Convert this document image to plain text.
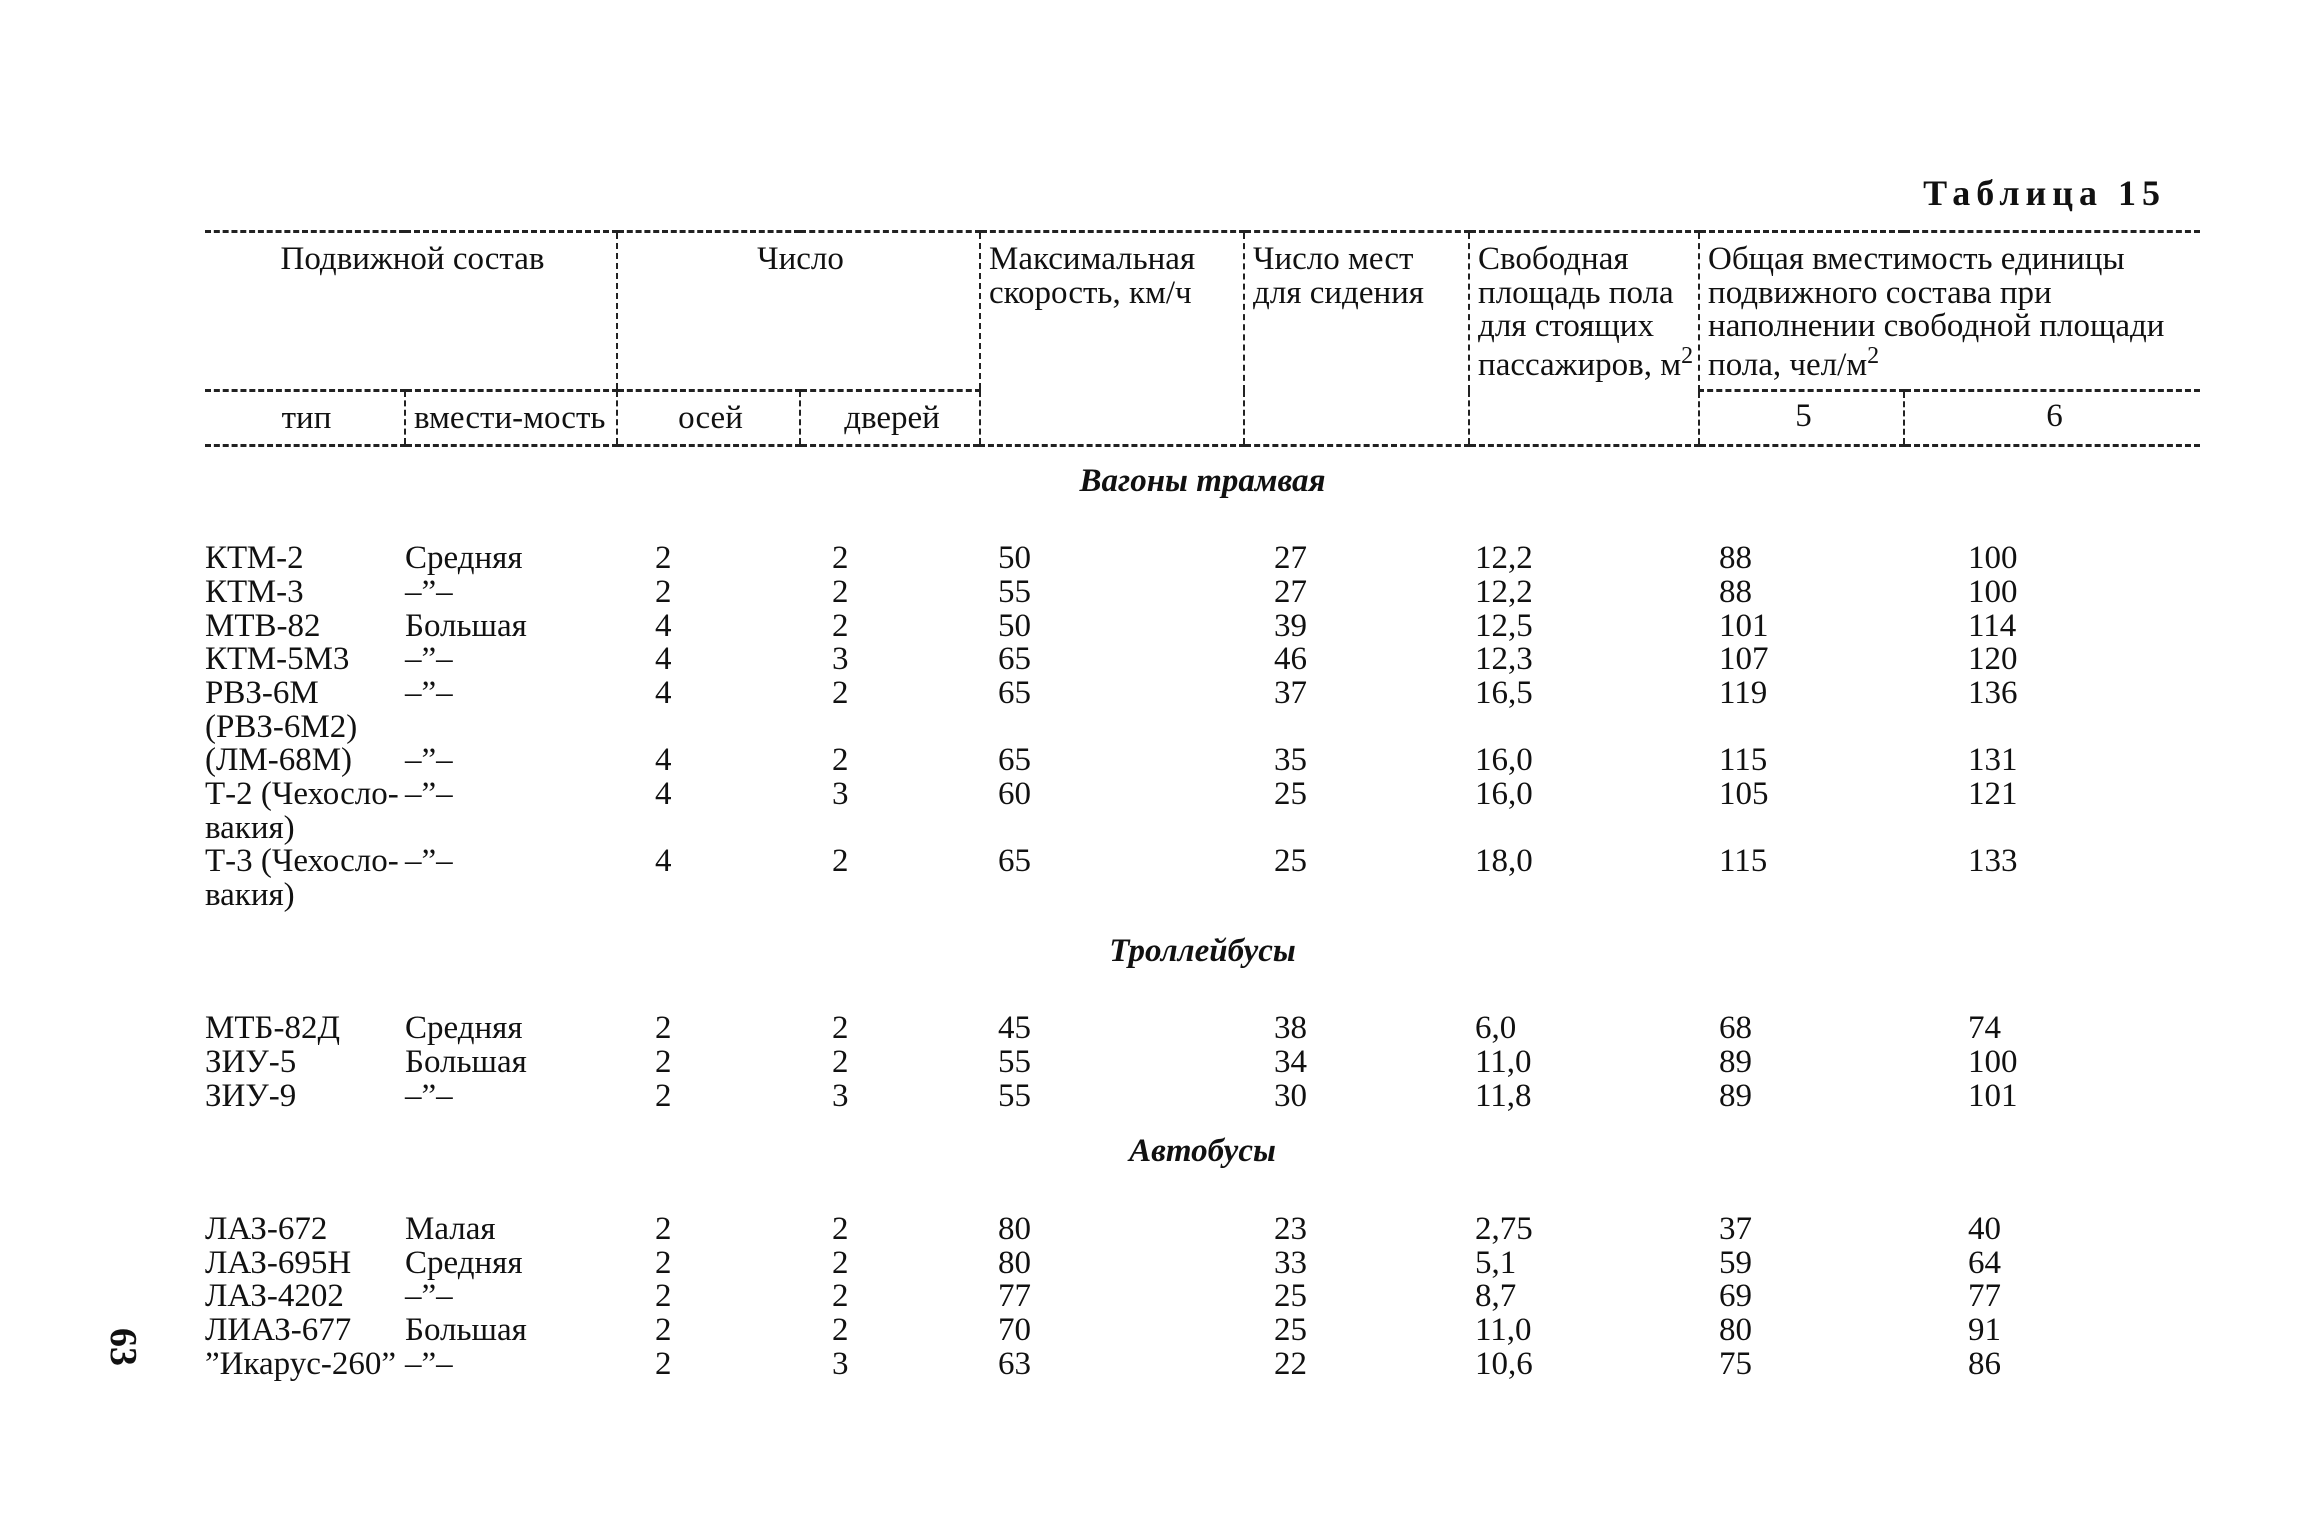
63
Таблица 15
Подвижной состав		Число		Максимальная скорость, км/ч	Число мест для сидения	Свободная площадь пола для стоящих пассажиров, $м^2$	Общая вместимость единицы подвижного состава при наполнении свободной площади пола, чел/$м^2$
тип	вмести-мость	осей	дверей					
							5	6
Вагоны трамвая								
КТМ-2	Средняя	2	2	50	27	12,2	88	100
КТМ-3	–”–	2	2	55	27	12,2	88	100
МТВ-82	Большая	4	2	50	39	12,5	101	114
КТМ-5М3	–”–	4	3	65	46	12,3	107	120
РВЗ-6М (РВЗ-6М2)	–”–	4	2	65	37	16,5	119	136
(ЛМ-68М)	–”–	4	2	65	35	16,0	115	131
Т-2 (Чехосло-вакия)	–”–	4	3	60	25	16,0	105	121
Т-3 (Чехосло-вакия)	–”–	4	2	65	25	18,0	115	133
Троллейбусы								
МТБ-82Д	Средняя	2	2	45	38	6,0	68	74
ЗИУ-5	Большая	2	2	55	34	11,0	89	100
ЗИУ-9	–”–	2	3	55	30	11,8	89	101
Автобусы								
ЛАЗ-672	Малая	2	2	80	23	2,75	37	40
ЛАЗ-695Н	Средняя	2	2	80	33	5,1	59	64
ЛАЗ-4202	–”–	2	2	77	25	8,7	69	77
ЛИАЗ-677	Большая	2	2	70	25	11,0	80	91
”Икарус-260”	–”–	2	3	63	22	10,6	75	86
